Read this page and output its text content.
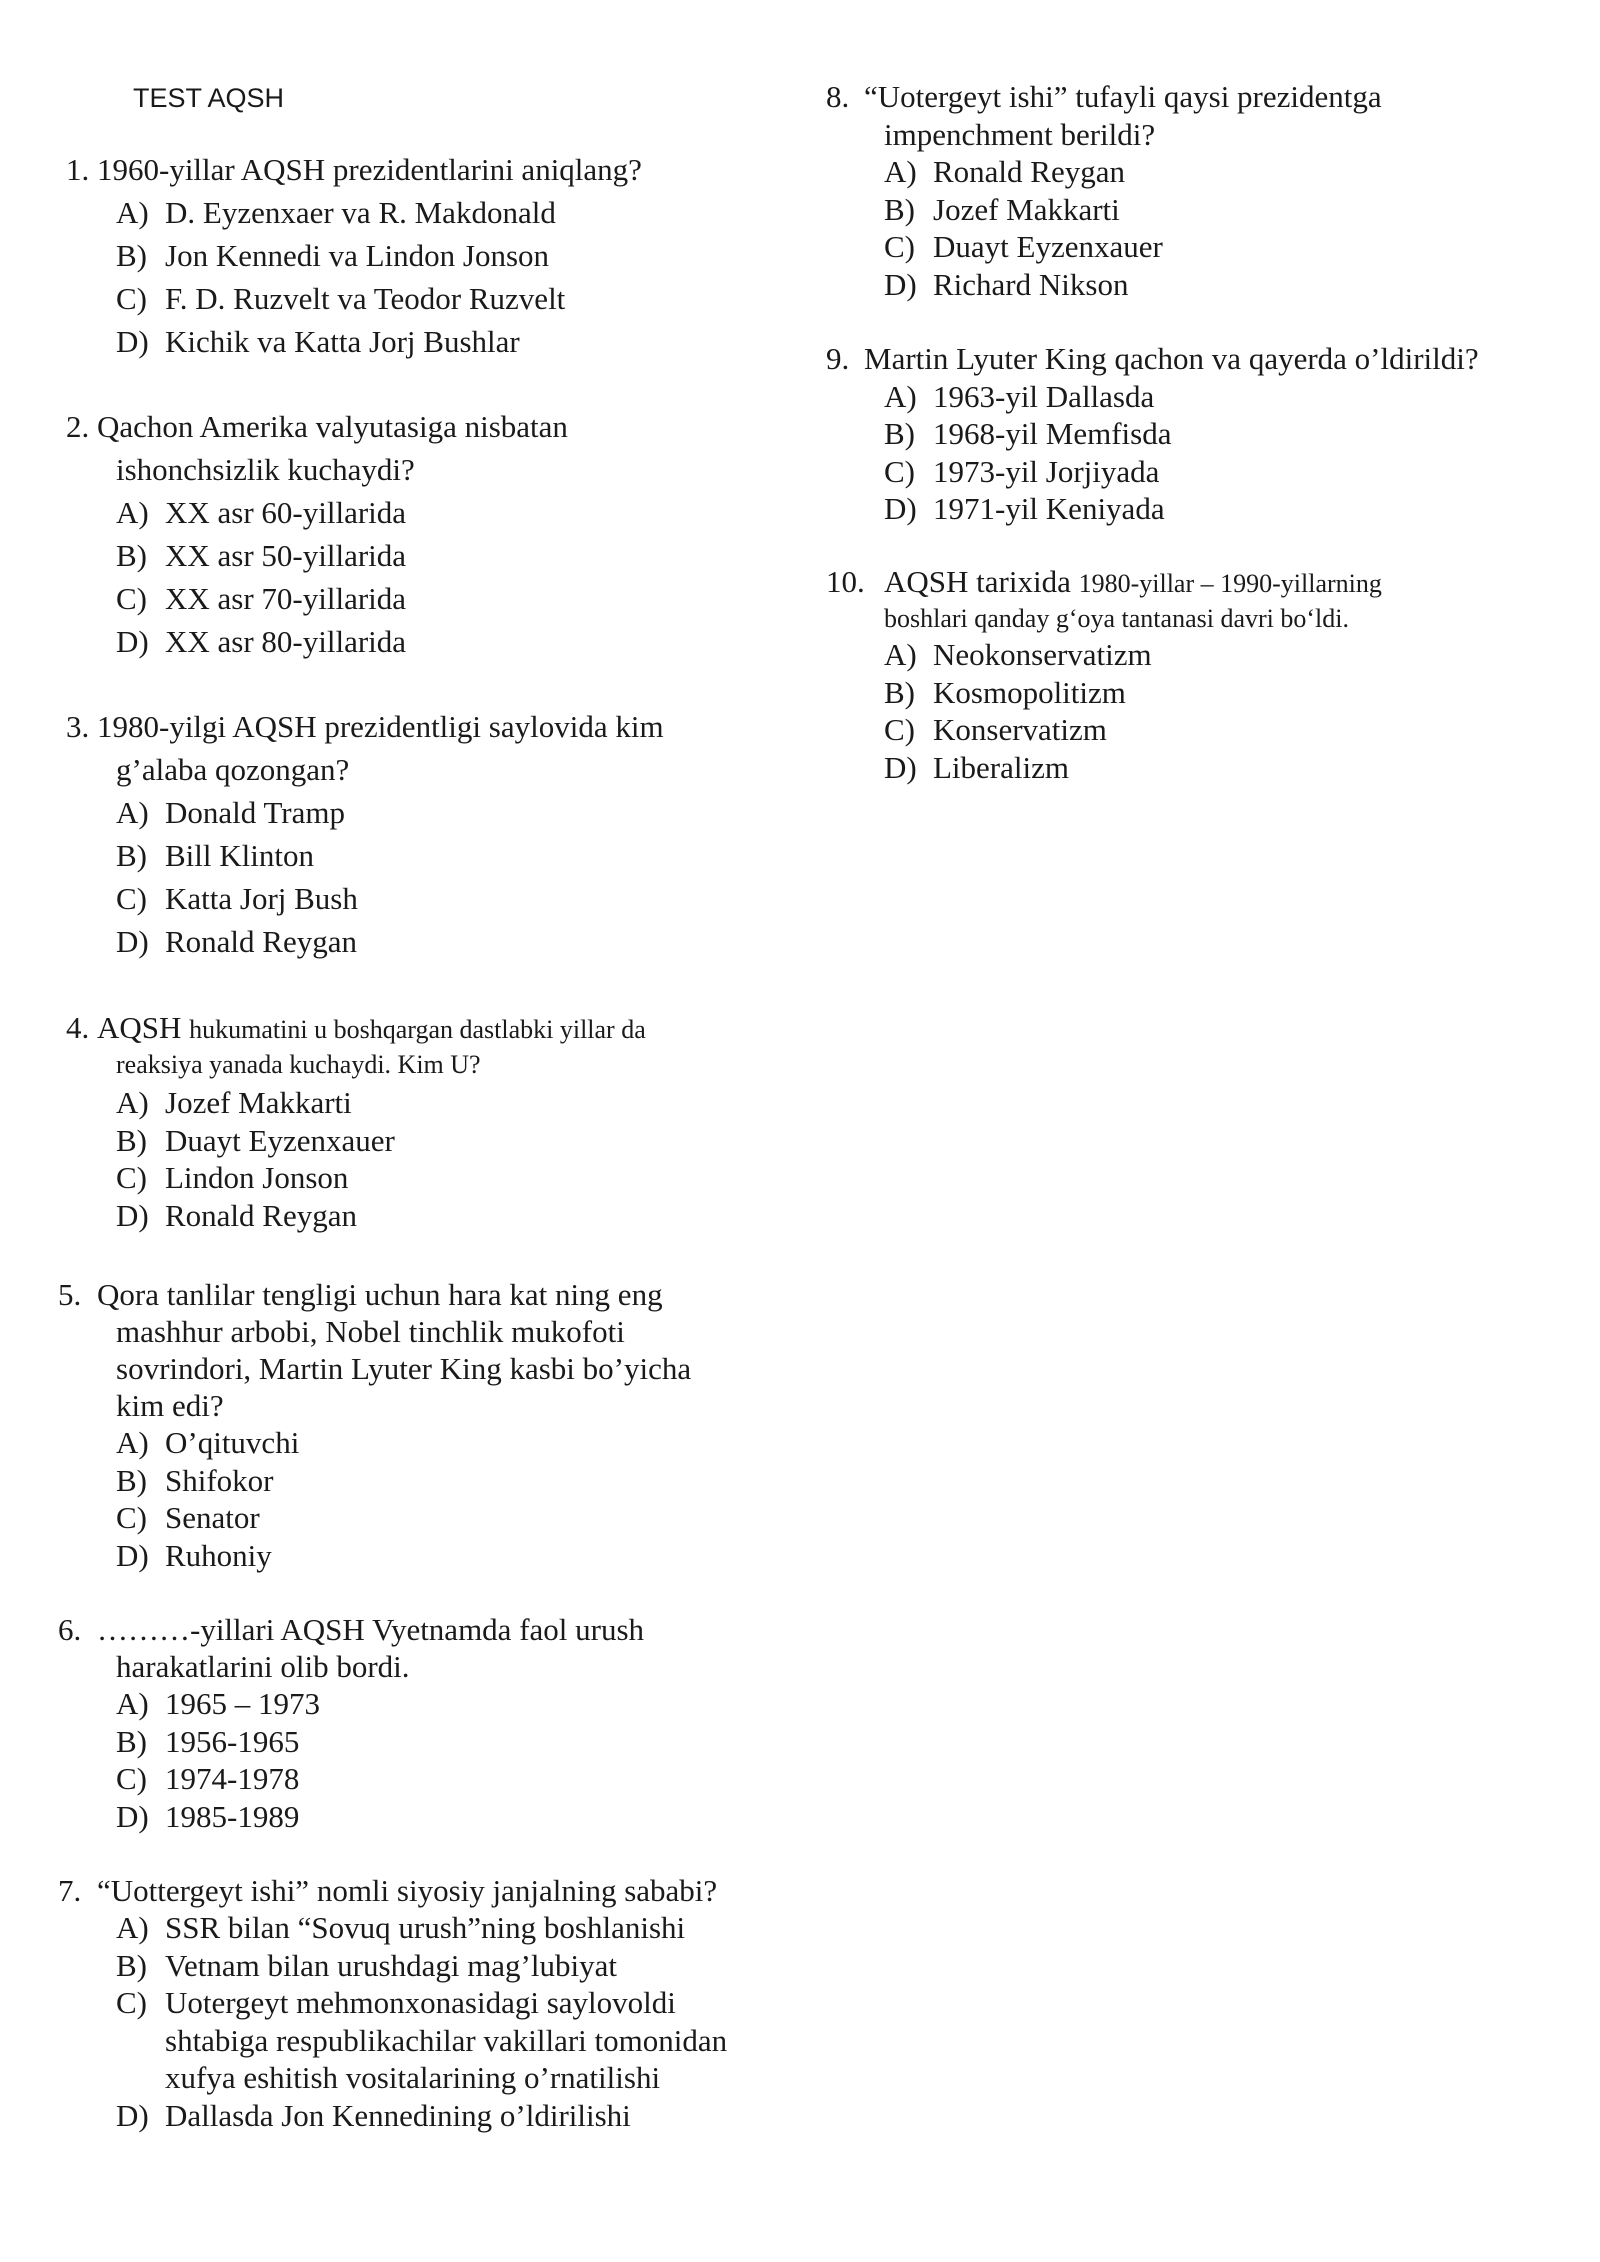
TEST AQSH
1. 1960-yillar AQSH prezidentlarini aniqlang?
A) D. Eyzenxaer va R. Makdonald
B) Jon Kennedi va Lindon Jonson
C) F. D. Ruzvelt va Teodor Ruzvelt
D) Kichik va Katta Jorj Bushlar
2. Qachon Amerika valyutasiga nisbatan
ishonchsizlik kuchaydi?
A) XX asr 60-yillarida
B) XX asr 50-yillarida
C) XX asr 70-yillarida
D) XX asr 80-yillarida
3. 1980-yilgi AQSH prezidentligi saylovida kim
g’alaba qozongan?
A) Donald Tramp
B) Bill Klinton
C) Katta Jorj Bush
D) Ronald Reygan
4. AQSH hukumatini u boshqargan dastlabki yillar da
reaksiya yanada kuchaydi. Kim U?
A) Jozef Makkarti
B) Duayt Eyzenxauer
C) Lindon Jonson
D) Ronald Reygan
5. Qora tanlilar tengligi uchun hara kat ning eng
mashhur arbobi, Nobel tinchlik mukofoti
sovrindori, Martin Lyuter King kasbi bo’yicha
kim edi?
A) O’qituvchi
B) Shifokor
C) Senator
D) Ruhoniy
6. ………-yillari AQSH Vyetnamda faol urush
harakatlarini olib bordi.
A) 1965 – 1973
B) 1956-1965
C) 1974-1978
D) 1985-1989
7. “Uottergeyt ishi” nomli siyosiy janjalning sababi?
A) SSR bilan “Sovuq urush”ning boshlanishi
B) Vetnam bilan urushdagi mag’lubiyat
C) Uotergeyt mehmonxonasidagi saylovoldi
shtabiga respublikachilar vakillari tomonidan
xufya eshitish vositalarining o’rnatilishi
D) Dallasda Jon Kennedining o’ldirilishi
8. “Uotergeyt ishi” tufayli qaysi prezidentga
impenchment berildi?
A) Ronald Reygan
B) Jozef Makkarti
C) Duayt Eyzenxauer
D) Richard Nikson
9. Martin Lyuter King qachon va qayerda o’ldirildi?
A) 1963-yil Dallasda
B) 1968-yil Memfisda
C) 1973-yil Jorjiyada
D) 1971-yil Keniyada
10. AQSH tarixida 1980-yillar – 1990-yillarning
boshlari qanday g‘oya tantanasi davri bo‘ldi.
A) Neokonservatizm
B) Kosmopolitizm
C) Konservatizm
D) Liberalizm
